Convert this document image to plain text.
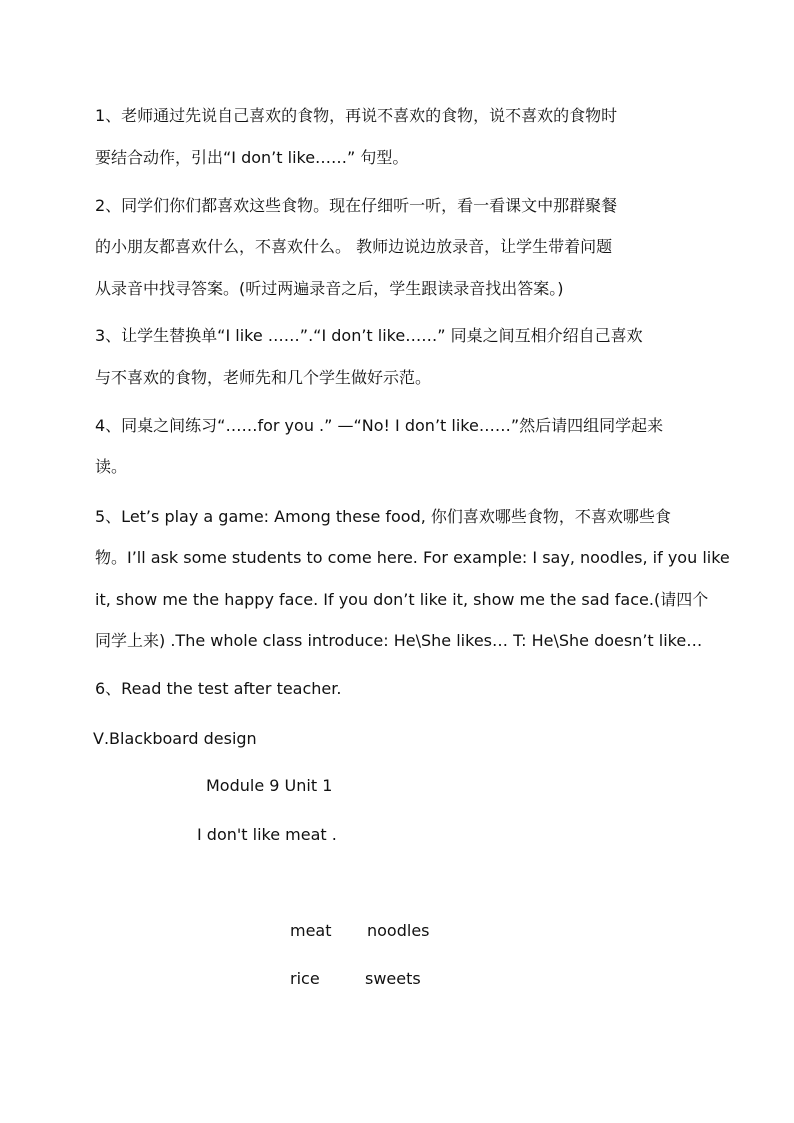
1、老师通过先说自己喜欢的食物，再说不喜欢的食物，说不喜欢的食物时
要结合动作，引出“I don’t like……” 句型。
2、同学们你们都喜欢这些食物。现在仔细听一听，看一看课文中那群聚餐
的小朋友都喜欢什么，不喜欢什么。 教师边说边放录音，让学生带着问题
从录音中找寻答案。(听过两遍录音之后，学生跟读录音找出答案。)
3、让学生替换单“I like ……”.“I don’t like……” 同桌之间互相介绍自己喜欢
与不喜欢的食物，老师先和几个学生做好示范。
4、同桌之间练习“……for you .” —“No! I don’t like……”然后请四组同学起来
读。
5、Let’s play a game: Among these food, 你们喜欢哪些食物，不喜欢哪些食
物。I’ll ask some students to come here. For example: I say, noodles, if you like
it, show me the happy face. If you don’t like it, show me the sad face.(请四个
同学上来) .The whole class introduce: He\She likes… T: He\She doesn’t like…
6、Read the test after teacher.
Ⅴ.Blackboard design
Module 9 Unit 1
I don't like meat .
meat noodles
rice	sweets
